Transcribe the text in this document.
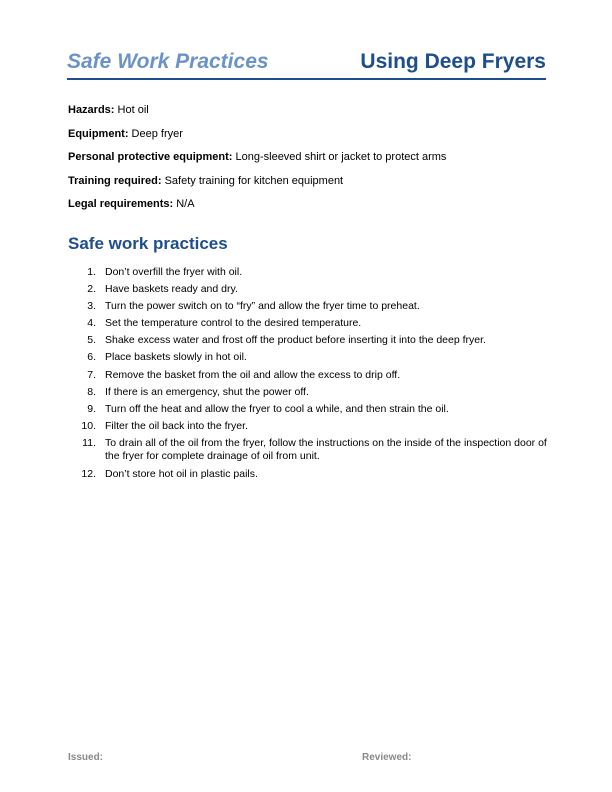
Safe Work Practices	Using Deep Fryers
Hazards: Hot oil
Equipment: Deep fryer
Personal protective equipment: Long-sleeved shirt or jacket to protect arms
Training required: Safety training for kitchen equipment
Legal requirements: N/A
Safe work practices
1. Don’t overfill the fryer with oil.
2. Have baskets ready and dry.
3. Turn the power switch on to “fry” and allow the fryer time to preheat.
4. Set the temperature control to the desired temperature.
5. Shake excess water and frost off the product before inserting it into the deep fryer.
6. Place baskets slowly in hot oil.
7. Remove the basket from the oil and allow the excess to drip off.
8. If there is an emergency, shut the power off.
9. Turn off the heat and allow the fryer to cool a while, and then strain the oil.
10. Filter the oil back into the fryer.
11. To drain all of the oil from the fryer, follow the instructions on the inside of the inspection door of the fryer for complete drainage of oil from unit.
12. Don’t store hot oil in plastic pails.
Issued:	Reviewed:
